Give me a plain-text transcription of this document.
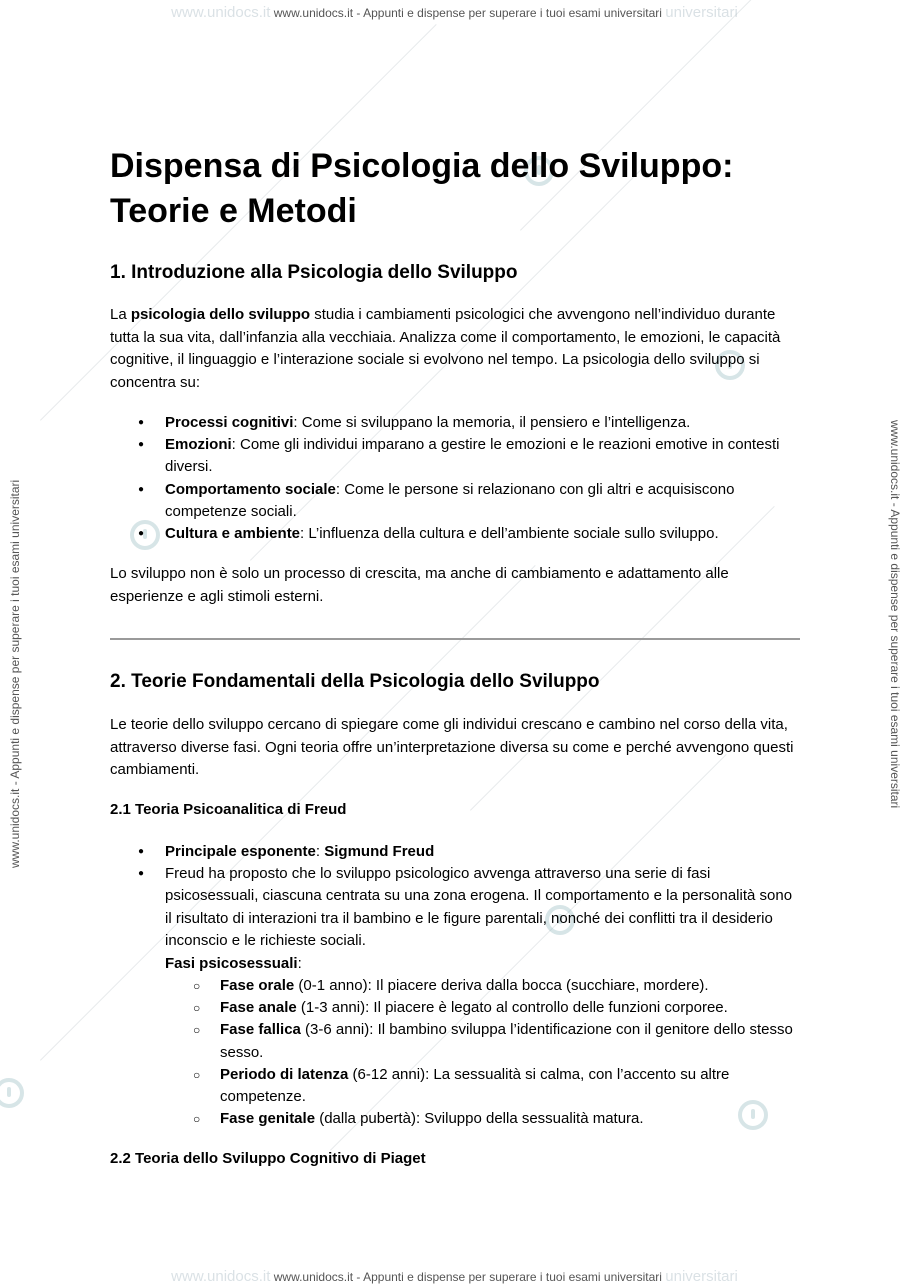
www.unidocs.it www.unidocs.it - Appunti e dispense per superare i tuoi esami universitari universitari
www.unidocs.it - Appunti e dispense per superare i tuoi esami universitari	www.unidocs.it - Appunti e dispense per superare i tuoi esami universitari
Dispensa di Psicologia dello Sviluppo:
Teorie e Metodi
1. Introduzione alla Psicologia dello Sviluppo

La psicologia dello sviluppo studia i cambiamenti psicologici che avvengono nell’individuo durante tutta la sua vita, dall’infanzia alla vecchiaia. Analizza come il comportamento, le emozioni, le capacità cognitive, il linguaggio e l’interazione sociale si evolvono nel tempo. La psicologia dello sviluppo si concentra su:

● Processi cognitivi: Come si sviluppano la memoria, il pensiero e l’intelligenza.
● Emozioni: Come gli individui imparano a gestire le emozioni e le reazioni emotive in contesti diversi.
● Comportamento sociale: Come le persone si relazionano con gli altri e acquisiscono competenze sociali.
● Cultura e ambiente: L’influenza della cultura e dell’ambiente sociale sullo sviluppo.

Lo sviluppo non è solo un processo di crescita, ma anche di cambiamento e adattamento alle esperienze e agli stimoli esterni.

2. Teorie Fondamentali della Psicologia dello Sviluppo

Le teorie dello sviluppo cercano di spiegare come gli individui crescano e cambino nel corso della vita, attraverso diverse fasi. Ogni teoria offre un’interpretazione diversa su come e perché avvengono questi cambiamenti.

2.1 Teoria Psicoanalitica di Freud
● Principale esponente: Sigmund Freud
● Freud ha proposto che lo sviluppo psicologico avvenga attraverso una serie di fasi psicosessuali, ciascuna centrata su una zona erogena. Il comportamento e la personalità sono il risultato di interazioni tra il bambino e le figure parentali, nonché dei conflitti tra il desiderio inconscio e le richieste sociali.
Fasi psicosessuali:
○ Fase orale (0-1 anno): Il piacere deriva dalla bocca (succhiare, mordere).
○ Fase anale (1-3 anni): Il piacere è legato al controllo delle funzioni corporee.
○ Fase fallica (3-6 anni): Il bambino sviluppa l’identificazione con il genitore dello stesso sesso.
○ Periodo di latenza (6-12 anni): La sessualità si calma, con l’accento su altre competenze.
○ Fase genitale (dalla pubertà): Sviluppo della sessualità matura.
2.2 Teoria dello Sviluppo Cognitivo di Piaget
www.unidocs.it www.unidocs.it - Appunti e dispense per superare i tuoi esami universitari universitari
